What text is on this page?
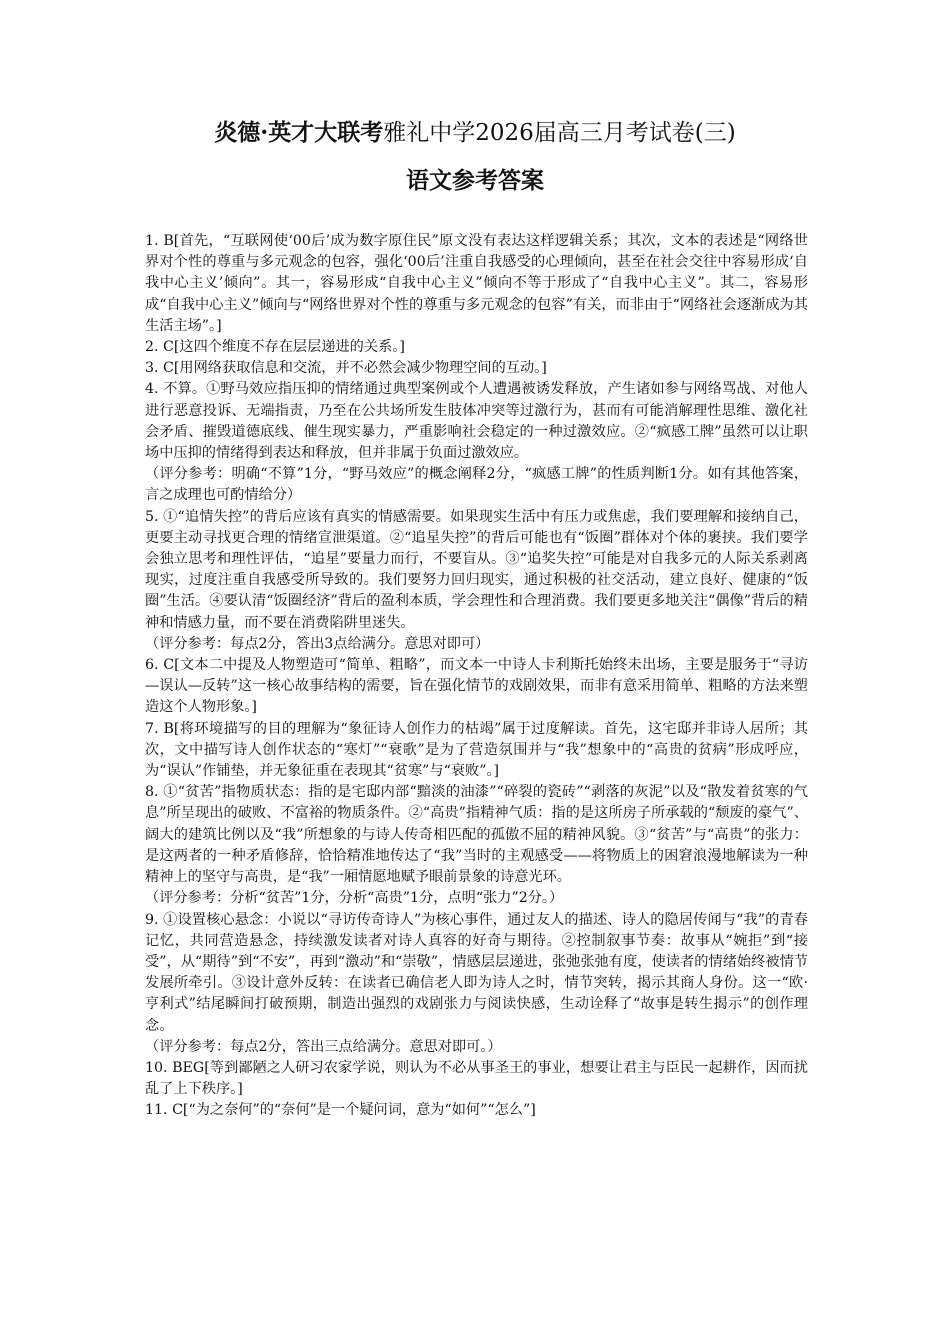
炎德·英才大联考雅礼中学2026届高三月考试卷(三)
语文参考答案

1. B[首先，“互联网使‘00后’成为数字原住民”原文没有表达这样逻辑关系；其次，文本的表述是“网络世界对个性的尊重与多元观念的包容，强化‘00后’注重自我感受的心理倾向，甚至在社会交往中容易形成‘自我中心主义’倾向”。其一，容易形成“自我中心主义”倾向不等于形成了“自我中心主义”。其二，容易形成“自我中心主义”倾向与“网络世界对个性的尊重与多元观念的包容”有关，而非由于“网络社会逐渐成为其生活主场”。]

2. C[这四个维度不存在层层递进的关系。]

3. C[用网络获取信息和交流，并不必然会减少物理空间的互动。]

4. 不算。①野马效应指压抑的情绪通过典型案例或个人遭遇被诱发释放，产生诸如参与网络骂战、对他人进行恶意投诉、无端指责，乃至在公共场所发生肢体冲突等过激行为，甚而有可能消解理性思维、激化社会矛盾、摧毁道德底线、催生现实暴力，严重影响社会稳定的一种过激效应。②“疯感工牌”虽然可以让职场中压抑的情绪得到表达和释放，但并非属于负面过激效应。

（评分参考：明确“不算”1分，“野马效应”的概念阐释2分，“疯感工牌”的性质判断1分。如有其他答案，言之成理也可酌情给分）

5. ①“追情失控”的背后应该有真实的情感需要。如果现实生活中有压力或焦虑，我们要理解和接纳自己，更要主动寻找更合理的情绪宣泄渠道。②“追星失控”的背后可能也有“饭圈”群体对个体的裹挟。我们要学会独立思考和理性评估，“追星”要量力而行，不要盲从。③“追奖失控”可能是对自我多元的人际关系剥离现实，过度注重自我感受所导致的。我们要努力回归现实，通过积极的社交活动，建立良好、健康的“饭圈”生活。④要认清“饭圈经济”背后的盈利本质，学会理性和合理消费。我们要更多地关注“偶像”背后的精神和情感力量，而不要在消费陷阱里迷失。

（评分参考：每点2分，答出3点给满分。意思对即可）

6. C[文本二中提及人物塑造可“简单、粗略”，而文本一中诗人卡利斯托始终未出场，主要是服务于“寻访—误认—反转”这一核心故事结构的需要，旨在强化情节的戏剧效果，而非有意采用简单、粗略的方法来塑造这个人物形象。]

7. B[将环境描写的目的理解为“象征诗人创作力的枯竭”属于过度解读。首先，这宅邸并非诗人居所；其次，文中描写诗人创作状态的“寒灯”“衰歌”是为了营造氛围并与“我”想象中的“高贵的贫病”形成呼应，为“误认”作铺垫，并无象征重在表现其“贫寒”与“衰败”。]

8. ①“贫苦”指物质状态：指的是宅邸内部“黯淡的油漆”“碎裂的瓷砖”“剥落的灰泥”以及“散发着贫寒的气息”所呈现出的破败、不富裕的物质条件。②“高贵”指精神气质：指的是这所房子所承载的“颓废的豪气”、阔大的建筑比例以及“我”所想象的与诗人传奇相匹配的孤傲不屈的精神风貌。③“贫苦”与“高贵”的张力：是这两者的一种矛盾修辞，恰恰精准地传达了“我”当时的主观感受——将物质上的困窘浪漫地解读为一种精神上的坚守与高贵，是“我”一厢情愿地赋予眼前景象的诗意光环。

（评分参考：分析“贫苦”1分，分析“高贵”1分，点明“张力”2分。）

9. ①设置核心悬念：小说以“寻访传奇诗人”为核心事件，通过友人的描述、诗人的隐居传闻与“我”的青春记忆，共同营造悬念，持续激发读者对诗人真容的好奇与期待。②控制叙事节奏：故事从“婉拒”到“接受”，从“期待”到“不安”，再到“激动”和“崇敬”，情感层层递进，张弛张弛有度，使读者的情绪始终被情节发展所牵引。③设计意外反转：在读者已确信老人即为诗人之时，情节突转，揭示其商人身份。这一“欧·亨利式”结尾瞬间打破预期，制造出强烈的戏剧张力与阅读快感，生动诠释了“故事是转生揭示”的创作理念。

（评分参考：每点2分，答出三点给满分。意思对即可。）

10. BEG[等到鄙陋之人研习农家学说，则认为不必从事圣王的事业，想要让君主与臣民一起耕作，因而扰乱了上下秩序。]

11. C[“为之奈何”的“奈何”是一个疑问词，意为“如何”“怎么”]
